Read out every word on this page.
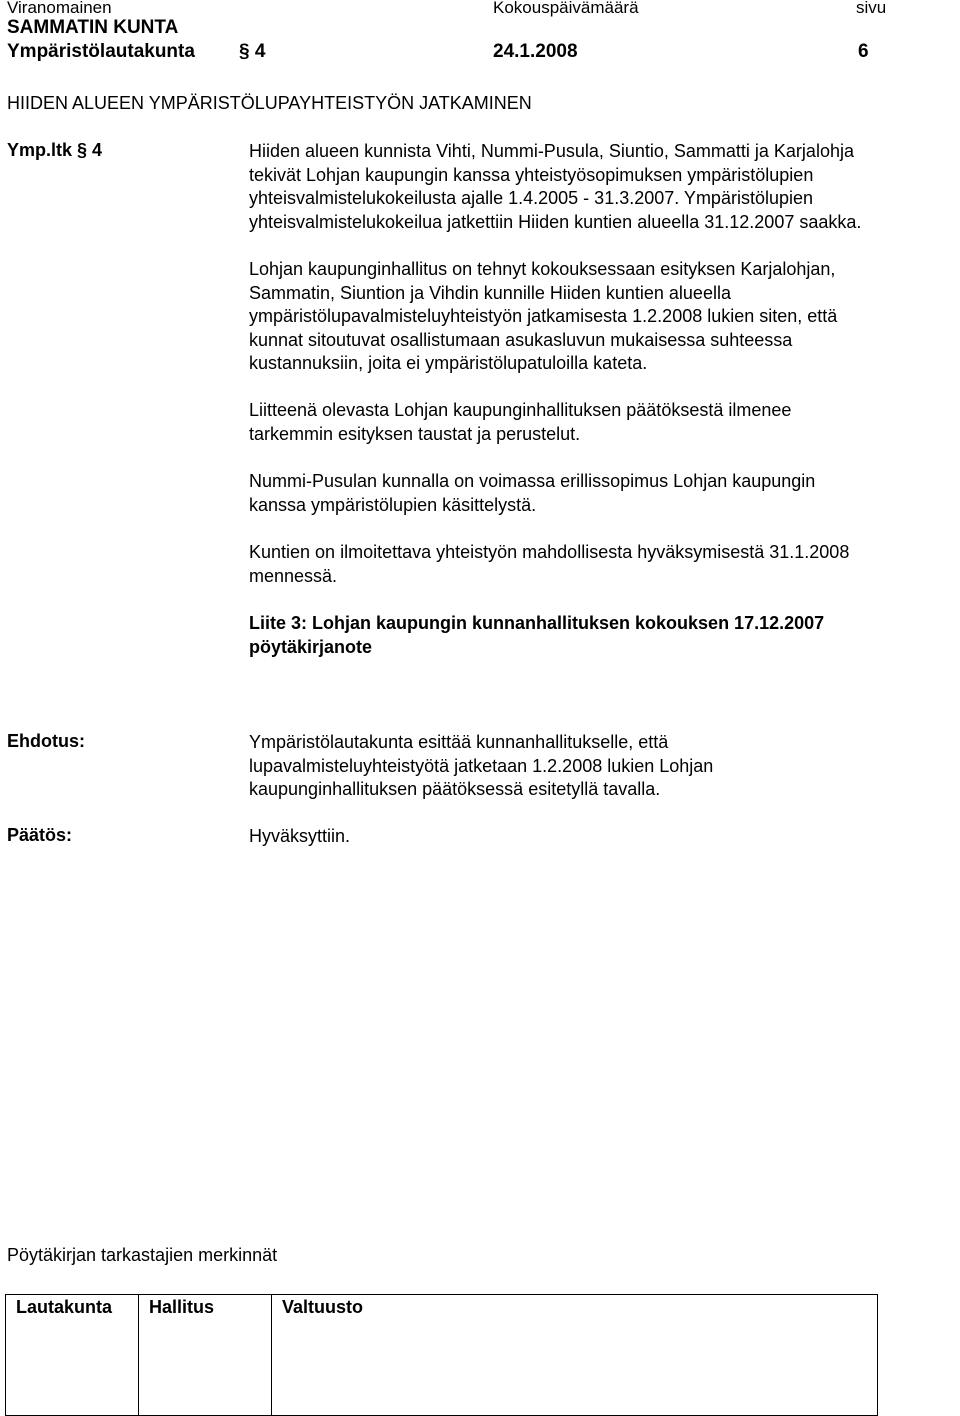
Viranomainen	Kokouspäivämäärä	sivu
SAMMATIN KUNTA
Ympäristölautakunta § 4	24.1.2008	6
HIIDEN ALUEEN YMPÄRISTÖLUPAYHTEISTYÖN JATKAMINEN
Ymp.ltk § 4	Hiiden alueen kunnista Vihti, Nummi-Pusula, Siuntio, Sammatti ja Karjalohja

tekivät Lohjan kaupungin kanssa yhteistyösopimuksen ympäristölupien

yhteisvalmistelukokeilusta ajalle 1.4.2005 - 31.3.2007. Ympäristölupien

yhteisvalmistelukokeilua jatkettiin Hiiden kuntien alueella 31.12.2007 saakka.

Lohjan kaupunginhallitus on tehnyt kokouksessaan esityksen Karjalohjan,

Sammatin, Siuntion ja Vihdin kunnille Hiiden kuntien alueella

ympäristölupavalmisteluyhteistyön jatkamisesta 1.2.2008 lukien siten, että

kunnat sitoutuvat osallistumaan asukasluvun mukaisessa suhteessa

kustannuksiin, joita ei ympäristölupatuloilla kateta.

Liitteenä olevasta Lohjan kaupunginhallituksen päätöksestä ilmenee

tarkemmin esityksen taustat ja perustelut.

Nummi-Pusulan kunnalla on voimassa erillissopimus Lohjan kaupungin

kanssa ympäristölupien käsittelystä.

Kuntien on ilmoitettava yhteistyön mahdollisesta hyväksymisestä 31.1.2008

mennessä.

Liite 3: Lohjan kaupungin kunnanhallituksen kokouksen 17.12.2007

pöytäkirjanote

Ehdotus:	Ympäristölautakunta esittää kunnanhallitukselle, että

lupavalmisteluyhteistyötä jatketaan 1.2.2008 lukien Lohjan

kaupunginhallituksen päätöksessä esitetyllä tavalla.

Päätös:	Hyväksyttiin.

Pöytäkirjan tarkastajien merkinnät
Lautakunta	Hallitus	Valtuusto
